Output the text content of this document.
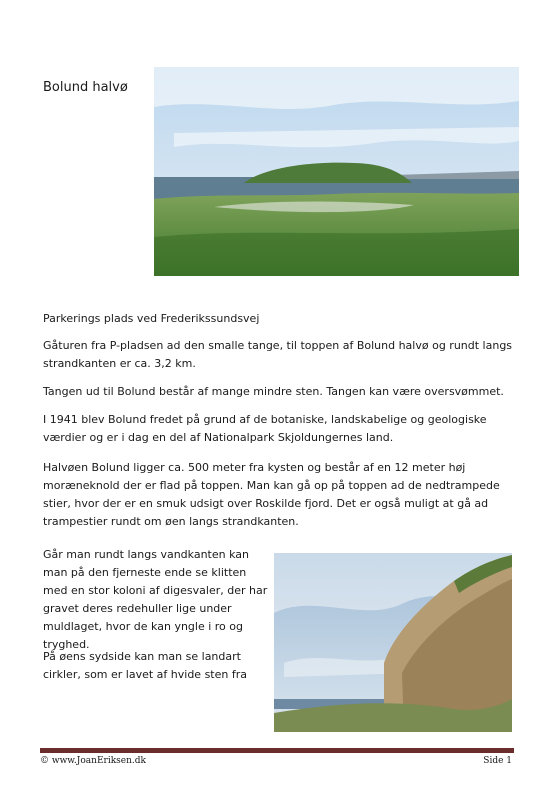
Bolund halvø

Parkerings plads ved Frederikssundsvej

Gåturen fra P-pladsen ad den smalle tange, til toppen af Bolund halvø og rundt langs strandkanten er ca. 3,2 km.

Tangen ud til Bolund består af mange mindre sten. Tangen kan være oversvømmet.

I 1941 blev Bolund fredet på grund af de botaniske, landskabelige og geologiske værdier og er i dag en del af Nationalpark Skjoldungernes land.

Halvøen Bolund ligger ca. 500 meter fra kysten og består af en 12 meter høj moræneknold der er flad på toppen. Man kan gå op på toppen ad de nedtrampede stier, hvor der er en smuk udsigt over Roskilde fjord. Det er også muligt at gå ad trampestier rundt om øen langs strandkanten.

Går man rundt langs vandkanten kan man på den fjerneste ende se klitten med en stor koloni af digesvaler, der har gravet deres redehuller lige under muldlaget, hvor de kan yngle i ro og tryghed.

På øens sydside kan man se landart cirkler, som er lavet af hvide sten fra

© www.JoanEriksen.dk	Side 1
